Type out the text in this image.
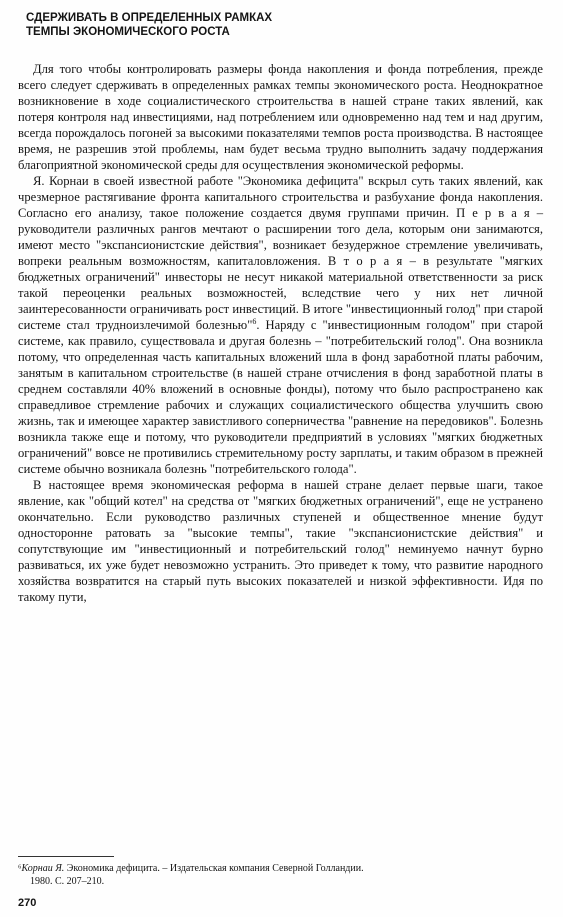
СДЕРЖИВАТЬ В ОПРЕДЕЛЕННЫХ РАМКАХ
ТЕМПЫ ЭКОНОМИЧЕСКОГО РОСТА

Для того чтобы контролировать размеры фонда накопления и фонда потребления, прежде всего следует сдерживать в определенных рамках темпы экономического роста. Неоднократное возникновение в ходе социалистического строительства в нашей стране таких явлений, как потеря контроля над инвестициями, над потреблением или одновременно над тем и над другим, всегда порождалось погоней за высокими показателями темпов роста производства. В настоящее время, не разрешив этой проблемы, нам будет весьма трудно выполнить задачу поддержания благоприятной экономической среды для осуществления экономической реформы.

Я. Корнаи в своей известной работе "Экономика дефицита" вскрыл суть таких явлений, как чрезмерное растягивание фронта капитального строительства и разбухание фонда накопления. Согласно его анализу, такое положение создается двумя группами причин. П е р в а я – руководители различных рангов мечтают о расширении того дела, которым они занимаются, имеют место "экспансионистские действия", возникает безудержное стремление увеличивать, вопреки реальным возможностям, капиталовложения. В т о р а я – в результате "мягких бюджетных ограничений" инвесторы не несут никакой материальной ответственности за риск такой переоценки реальных возможностей, вследствие чего у них нет личной заинтересованности ограничивать рост инвестиций. В итоге "инвестиционный голод" при старой системе стал трудноизлечимой болезнью"$^6$. Наряду с "инвестиционным голодом" при старой системе, как правило, существовала и другая болезнь – "потребительский голод". Она возникла потому, что определенная часть капитальных вложений шла в фонд заработной платы рабочим, занятым в капитальном строительстве (в нашей стране отчисления в фонд заработной платы в среднем составляли 40% вложений в основные фонды), потому что было распространено как справедливое стремление рабочих и служащих социалистического общества улучшить свою жизнь, так и имеющее характер завистливого соперничества "равнение на передовиков". Болезнь возникла также еще и потому, что руководители предприятий в условиях "мягких бюджетных ограничений" вовсе не противились стремительному росту зарплаты, и таким образом в прежней системе обычно возникала болезнь "потребительского голода".

В настоящее время экономическая реформа в нашей стране делает первые шаги, такое явление, как "общий котел" на средства от "мягких бюджетных ограничений", еще не устранено окончательно. Если руководство различных ступеней и общественное мнение будут односторонне ратовать за "высокие темпы", такие "экспансионистские действия" и сопутствующие им "инвестиционный и потребительский голод" неминуемо начнут бурно развиваться, их уже будет невозможно устранить. Это приведет к тому, что развитие народного хозяйства возвратится на старый путь высоких показателей и низкой эффективности. Идя по такому пути,

⁶Корнаи Я. Экономика дефицита. – Издательская компания Северной Голландии.
1980. С. 207–210.
270
